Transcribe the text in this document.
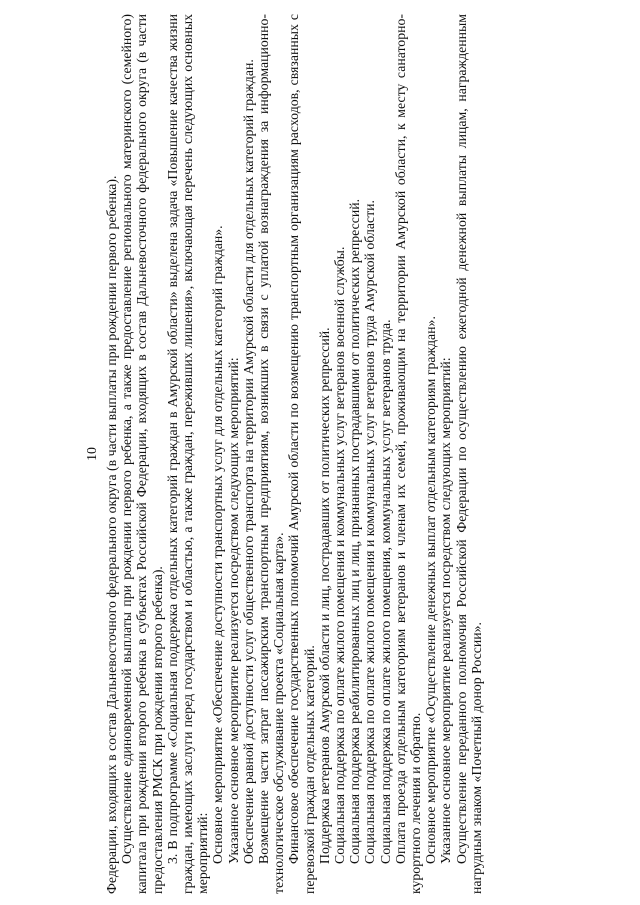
10 Федерации, входящих в состав Дальневосточного федерального округа (в части выплаты при рождении первого ребенка). Осуществление единовременной выплаты при рождении первого ребенка, а также предоставление регионального материнского (семейного) капитала при рождении второго ребенка в субъектах Российской Федерации, входящих в состав Дальневосточного федерального округа (в части предоставления РМСК при рождении второго ребенка). 3. В подпрограмме «Социальная поддержка отдельных категорий граждан в Амурской области» выделена задача «Повышение качества жизни граждан, имеющих заслуги перед государством и областью, а также граждан, переживших лишения», включающая перечень следующих основных мероприятий: Основное мероприятие «Обеспечение доступности транспортных услуг для отдельных категорий граждан». Указанное основное мероприятие реализуется посредством следующих мероприятий: Обеспечение равной доступности услуг общественного транспорта на территории Амурской области для отдельных категорий граждан. Возмещение части затрат пассажирским транспортным предприятиям, возникших в связи с уплатой вознаграждения за информационно-технологическое обслуживание проекта «Социальная карта». Финансовое обеспечение государственных полномочий Амурской области по возмещению транспортным организациям расходов, связанных с перевозкой граждан отдельных категорий. Поддержка ветеранов Амурской области и лиц, пострадавших от политических репрессий. Социальная поддержка по оплате жилого помещения и коммунальных услуг ветеранов военной службы. Социальная поддержка реабилитированных лиц и лиц, признанных пострадавшими от политических репрессий. Социальная поддержка по оплате жилого помещения и коммунальных услуг ветеранов труда Амурской области. Социальная поддержка по оплате жилого помещения, коммунальных услуг ветеранов труда. Оплата проезда отдельным категориям ветеранов и членам их семей, проживающим на территории Амурской области, к месту санаторно-курортного лечения и обратно. Основное мероприятие «Осуществление денежных выплат отдельным категориям граждан». Указанное основное мероприятие реализуется посредством следующих мероприятий: Осуществление переданного полномочия Российской Федерации по осуществлению ежегодной денежной выплаты лицам, награжденным нагрудным знаком «Почетный донор России».
